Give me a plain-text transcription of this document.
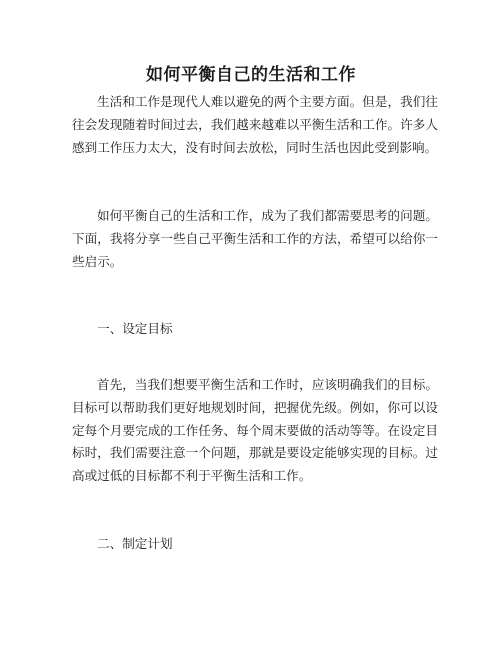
如何平衡自己的生活和工作

生活和工作是现代人难以避免的两个主要方面。但是，我们往往会发现随着时间过去，我们越来越难以平衡生活和工作。许多人感到工作压力太大，没有时间去放松，同时生活也因此受到影响。

如何平衡自己的生活和工作，成为了我们都需要思考的问题。下面，我将分享一些自己平衡生活和工作的方法，希望可以给你一些启示。

一、设定目标

首先，当我们想要平衡生活和工作时，应该明确我们的目标。目标可以帮助我们更好地规划时间，把握优先级。例如，你可以设定每个月要完成的工作任务、每个周末要做的活动等等。在设定目标时，我们需要注意一个问题，那就是要设定能够实现的目标。过高或过低的目标都不利于平衡生活和工作。

二、制定计划
